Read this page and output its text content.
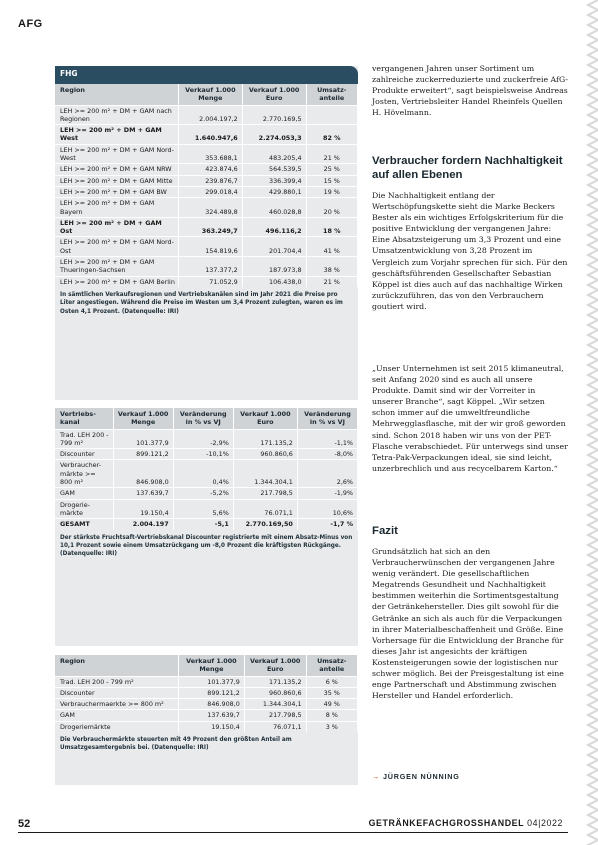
AFG
FHG
Region	Verkauf 1.000 Menge	Verkauf 1.000 Euro	Umsatz-anteile
LEH >= 200 m² + DM + GAM nach Regionen	2.004.197,2	2.770.169,5	
LEH >= 200 m² + DM + GAM West	1.640.947,6	2.274.053,3	82 %
LEH >= 200 m² + DM + GAM Nord-West	353.688,1	483.205,4	21 %
LEH >= 200 m² + DM + GAM NRW	423.874,6	564.539,5	25 %
LEH >= 200 m² + DM + GAM Mitte	239.876,7	336.399,4	15 %
LEH >= 200 m² + DM + GAM BW	299.018,4	429.880,1	19 %
LEH >= 200 m² + DM + GAM Bayern	324.489,8	460.028,8	20 %
LEH >= 200 m² + DM + GAM Ost	363.249,7	496.116,2	18 %
LEH >= 200 m² + DM + GAM Nord-Ost	154.819,6	201.704,4	41 %
LEH >= 200 m² + DM + GAM Thueringen-Sachsen	137.377,2	187.973,8	38 %
LEH >= 200 m² + DM + GAM Berlin	71.052,9	106.438,0	21 %
In sämtlichen Verkaufsregionen und Vertriebskanälen sind im Jahr 2021 die Preise pro Liter angestiegen. Während die Preise im Westen um 3,4 Prozent zulegten, waren es im Osten 4,1 Prozent. (Datenquelle: IRI)
Vertriebs-kanal	Verkauf 1.000 Menge	Veränderung in % vs VJ	Verkauf 1.000 Euro	Veränderung in % vs VJ
Trad. LEH 200 - 799 m²	101.377,9	-2,9%	171.135,2	-1,1%
Discounter	899.121,2	-10,1%	960.860,6	-8,0%
Verbraucher-märkte >= 800 m²	846.908,0	0,4%	1.344.304,1	2,6%
GAM	137.639,7	-5,2%	217.798,5	-1,9%
Drogerie-märkte	19.150,4	5,6%	76.071,1	10,6%
GESAMT	2.004.197	-5,1	2.770.169,50	-1,7 %
Der stärkste Fruchtsaft-Vertriebskanal Discounter registrierte mit einem Absatz-Minus von 10,1 Prozent sowie einem Umsatzrückgang um -8,0 Prozent die kräftigsten Rückgänge. (Datenquelle: IRI)
Region	Verkauf 1.000 Menge	Verkauf 1.000 Euro	Umsatz-anteile
Trad. LEH 200 - 799 m²	101.377,9	171.135,2	6 %
Discounter	899.121,2	960.860,6	35 %
Verbrauchermaerkte >= 800 m²	846.908,0	1.344.304,1	49 %
GAM	137.639,7	217.798,5	8 %
Drogeriemärkte	19.150,4	76.071,1	3 %
Die Verbrauchermärkte steuerten mit 49 Prozent den größten Anteil am Umsatzgesamtergebnis bei. (Datenquelle: IRI)

vergangenen Jahren unser Sortiment um zahlreiche zuckerreduzierte und zuckerfreie AfG-Produkte erweitert“, sagt beispielsweise Andreas Josten, Vertriebsleiter Handel Rheinfels Quellen H. Hövelmann.

Verbraucher fordern Nachhaltigkeit auf allen Ebenen

Die Nachhaltigkeit entlang der Wertschöpfungskette sieht die Marke Beckers Bester als ein wichtiges Erfolgskriterium für die positive Entwicklung der vergangenen Jahre: Eine Absatzsteigerung um 3,3 Prozent und eine Umsatzentwicklung von 3,28 Prozent im Vergleich zum Vorjahr sprechen für sich. Für den geschäftsführenden Gesellschafter Sebastian Köppel ist dies auch auf das nachhaltige Wirken zurückzuführen, das von den Verbrauchern goutiert wird.

„Unser Unternehmen ist seit 2015 klimaneutral, seit Anfang 2020 sind es auch all unsere Produkte. Damit sind wir der Vorreiter in unserer Branche“, sagt Köppel. „Wir setzen schon immer auf die umweltfreundliche Mehrwegglasflasche, mit der wir groß geworden sind. Schon 2018 haben wir uns von der PET-Flasche verabschiedet. Für unterwegs sind unser Tetra-Pak-Verpackungen ideal, sie sind leicht, unzerbrechlich und aus recycelbarem Karton.“

Fazit

Grundsätzlich hat sich an den Verbraucherwünschen der vergangenen Jahre wenig verändert. Die gesellschaftlichen Megatrends Gesundheit und Nachhaltigkeit bestimmen weiterhin die Sortimentsgestaltung der Getränkehersteller. Dies gilt sowohl für die Getränke an sich als auch für die Verpackungen in ihrer Materialbeschaffenheit und Größe. Eine Vorhersage für die Entwicklung der Branche für dieses Jahr ist angesichts der kräftigen Kostensteigerungen sowie der logistischen nur schwer möglich. Bei der Preisgestaltung ist eine enge Partnerschaft und Abstimmung zwischen Hersteller und Handel erforderlich.

→ JÜRGEN NÜNNING
52	GETRÄNKEFACHGROSSHANDEL 04|2022
